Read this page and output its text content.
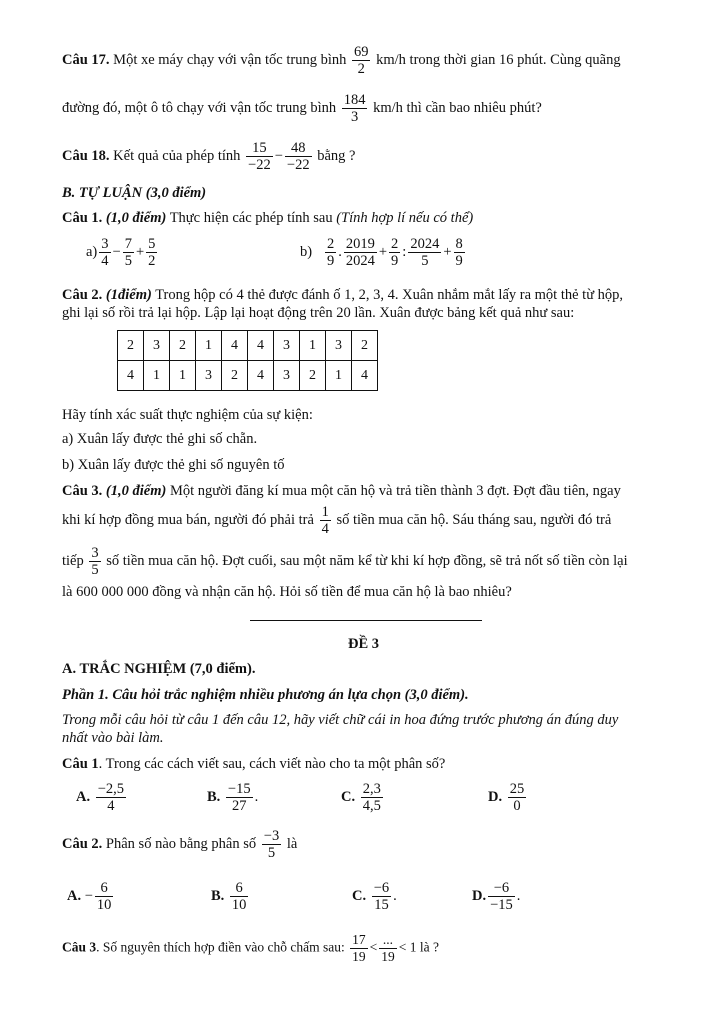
Câu 17. Một xe máy chạy với vận tốc trung bình $\frac{69}{2} km/h$ trong thời gian 16 phút. Cùng quãng
đường đó, một ô tô chạy với vận tốc trung bình $\frac{184}{3} km/h$ thì cần bao nhiêu phút?
Câu 18. Kết quả của phép tính $\frac{15}{-22} - \frac{48}{-22}$ bằng ?
B. TỰ LUẬN (3,0 điểm)
Câu 1. (1,0 điểm) Thực hiện các phép tính sau (Tính hợp lí nếu có thể)
$a) \frac{3}{4} - \frac{7}{5} + \frac{5}{2}$	$b) \frac{2}{9}$ . $\frac{2019}{2024} + \frac{2}{9}$ : $\frac{2024}{5} + \frac{8}{9}$
Câu 2. (1điểm) Trong hộp có 4 thẻ được đánh ố 1, 2, 3, 4. Xuân nhắm mắt lấy ra một thẻ từ hộp,
ghi lại số rồi trả lại hộp. Lập lại hoạt động trên 20 lần. Xuân được bảng kết quả như sau:
2	3	2	1	4	4	3	1	3	2
4	1	1	3	2	4	3	2	1	4
Hãy tính xác suất thực nghiệm của sự kiện:
a) Xuân lấy được thẻ ghi số chẵn.
b) Xuân lấy được thẻ ghi số nguyên tố
Câu 3. (1,0 điểm) Một người đăng kí mua một căn hộ và trả tiền thành 3 đợt. Đợt đầu tiên, ngay
khi kí hợp đồng mua bán, người đó phải trả $\frac{1}{4}$ số tiền mua căn hộ. Sáu tháng sau, người đó trả
tiếp $\frac{3}{5}$ số tiền mua căn hộ. Đợt cuối, sau một năm kể từ khi kí hợp đồng, sẽ trả nốt số tiền còn lại
là 600 000 000 đồng và nhận căn hộ. Hỏi số tiền để mua căn hộ là bao nhiêu?
ĐỀ 3
A. TRẮC NGHIỆM (7,0 điểm).
Phần 1. Câu hỏi trắc nghiệm nhiều phương án lựa chọn (3,0 điểm).
Trong mỗi câu hỏi từ câu 1 đến câu 12, hãy viết chữ cái in hoa đứng trước phương án đúng duy
nhất vào bài làm.
Câu 1. Trong các cách viết sau, cách viết nào cho ta một phân số?
A. $\frac{-2,5}{4}$	B. $\frac{-15}{27}$ .	C. $\frac{2,3}{4,5}$	D. $\frac{25}{0}$
Câu 2. Phân số nào bằng phân số $\frac{-3}{5}$ là
A. − $\frac{6}{10}$	B. $\frac{6}{10}$	C. $\frac{-6}{15}$ .	D. $\frac{-6}{-15}$ .
Câu 3. Số nguyên thích hợp điền vào chỗ chấm sau: $\frac{17}{19} < \frac{...}{19} < 1$ là ?
